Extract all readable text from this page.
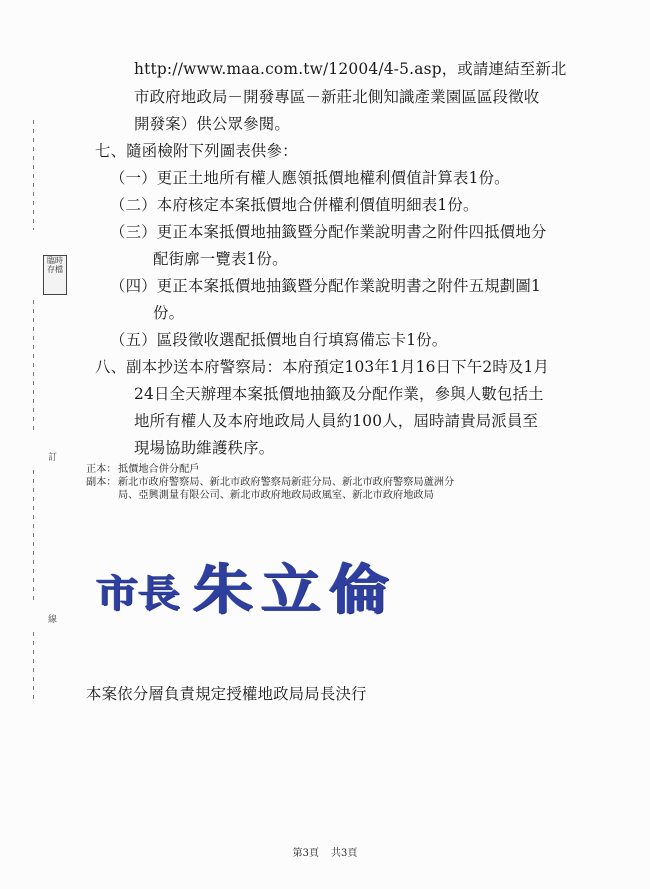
臨時存檔
訂
線
http://www.maa.com.tw/12004/4-5.asp，或請連結至新北
市政府地政局－開發專區－新莊北側知識產業園區區段徵收
開發案）供公眾參閱。
七、隨函檢附下列圖表供參：
（一）更正土地所有權人應領抵價地權利價值計算表1份。
（二）本府核定本案抵價地合併權利價值明細表1份。
（三）更正本案抵價地抽籤暨分配作業說明書之附件四抵價地分
配街廓一覽表1份。
（四）更正本案抵價地抽籤暨分配作業說明書之附件五規劃圖1
份。
（五）區段徵收選配抵價地自行填寫備忘卡1份。
八、副本抄送本府警察局：本府預定103年1月16日下午2時及1月
24日全天辦理本案抵價地抽籤及分配作業，參與人數包括土
地所有權人及本府地政局人員約100人，屆時請貴局派員至
現場協助維護秩序。
正本： 抵價地合併分配戶
副本： 新北市政府警察局、新北市政府警察局新莊分局、新北市政府警察局蘆洲分
局、亞興測量有限公司、新北市政府地政局政風室、新北市政府地政局
市長 朱立倫
本案依分層負責規定授權地政局局長決行
第3頁 共3頁
